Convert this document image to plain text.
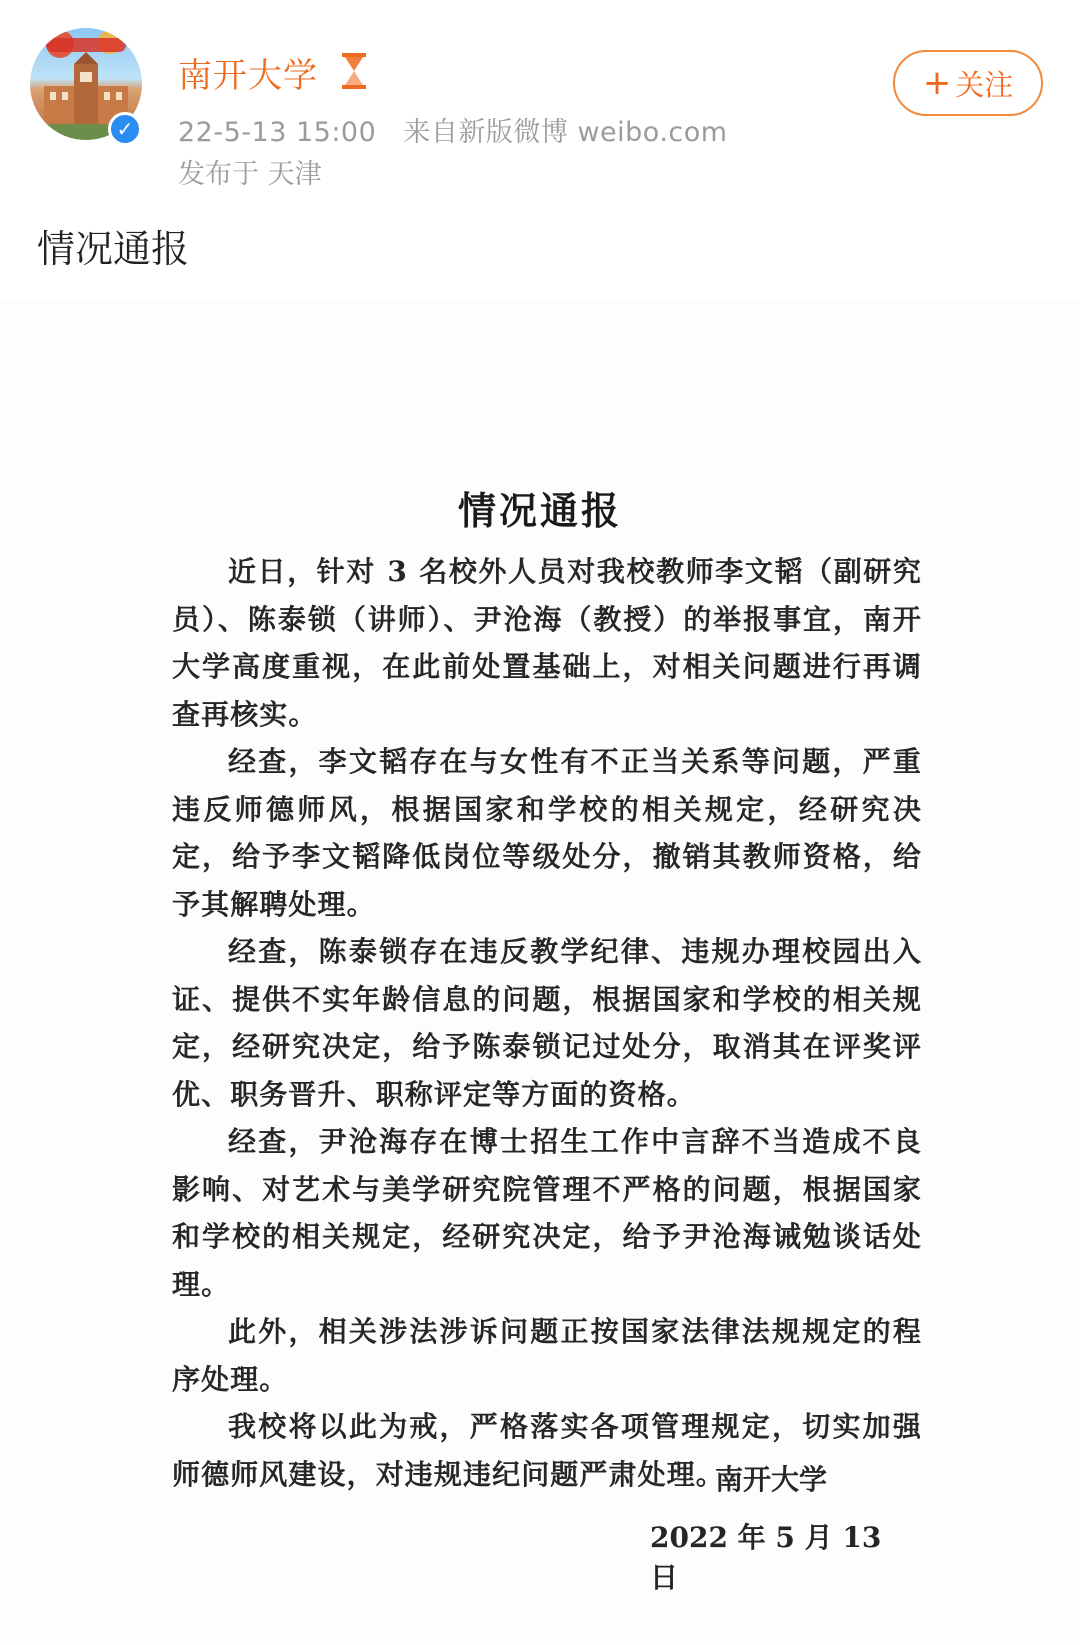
✓
南开大学
22-5-13 15:00 来自新版微博 weibo.com
发布于 天津
+ 关注
情况通报
情况通报

近日，针对 3 名校外人员对我校教师李文韬（副研究员）、陈泰锁（讲师）、尹沧海（教授）的举报事宜，南开大学高度重视，在此前处置基础上，对相关问题进行再调查再核实。

经查，李文韬存在与女性有不正当关系等问题，严重违反师德师风，根据国家和学校的相关规定，经研究决定，给予李文韬降低岗位等级处分，撤销其教师资格，给予其解聘处理。

经查，陈泰锁存在违反教学纪律、违规办理校园出入证、提供不实年龄信息的问题，根据国家和学校的相关规定，经研究决定，给予陈泰锁记过处分，取消其在评奖评优、职务晋升、职称评定等方面的资格。

经查，尹沧海存在博士招生工作中言辞不当造成不良影响、对艺术与美学研究院管理不严格的问题，根据国家和学校的相关规定，经研究决定，给予尹沧海诫勉谈话处理。

此外，相关涉法涉诉问题正按国家法律法规规定的程序处理。

我校将以此为戒，严格落实各项管理规定，切实加强师德师风建设，对违规违纪问题严肃处理。

南开大学
2022 年 5 月 13 日
